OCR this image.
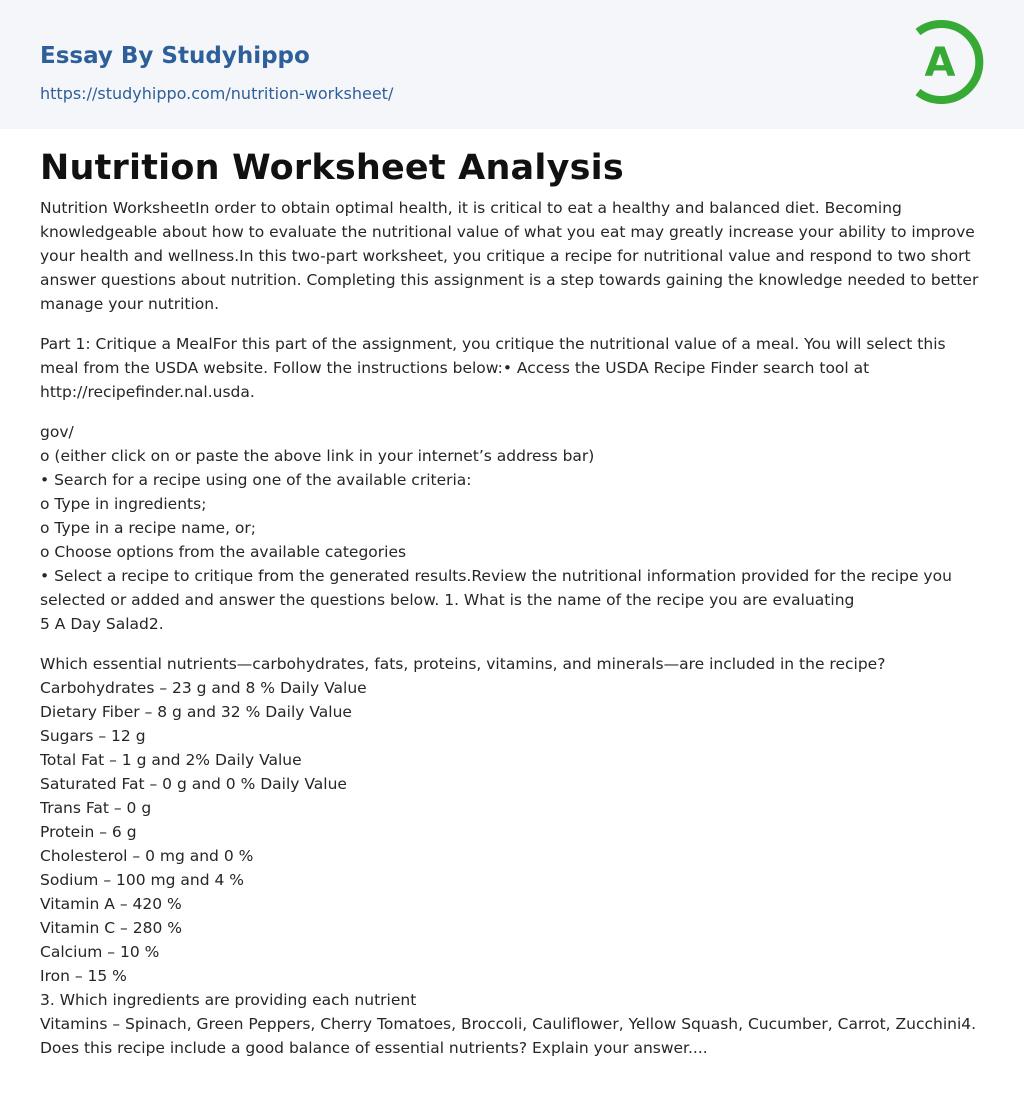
Essay By Studyhippo
https://studyhippo.com/nutrition-worksheet/
A
Nutrition Worksheet Analysis

Nutrition WorksheetIn order to obtain optimal health, it is critical to eat a healthy and balanced diet. Becoming knowledgeable about how to evaluate the nutritional value of what you eat may greatly increase your ability to improve your health and wellness.In this two-part worksheet, you critique a recipe for nutritional value and respond to two short answer questions about nutrition. Completing this assignment is a step towards gaining the knowledge needed to better manage your nutrition.

Part 1: Critique a MealFor this part of the assignment, you critique the nutritional value of a meal. You will select this meal from the USDA website. Follow the instructions below:• Access the USDA Recipe Finder search tool at http://recipefinder.nal.usda.

gov/
o (either click on or paste the above link in your internet’s address bar)
• Search for a recipe using one of the available criteria:
o Type in ingredients;
o Type in a recipe name, or;
o Choose options from the available categories
• Select a recipe to critique from the generated results.Review the nutritional information provided for the recipe you selected or added and answer the questions below. 1. What is the name of the recipe you are evaluating
5 A Day Salad2.

Which essential nutrients—carbohydrates, fats, proteins, vitamins, and minerals—are included in the recipe?
Carbohydrates – 23 g and 8 % Daily Value
Dietary Fiber – 8 g and 32 % Daily Value
Sugars – 12 g
Total Fat – 1 g and 2% Daily Value
Saturated Fat – 0 g and 0 % Daily Value
Trans Fat – 0 g
Protein – 6 g
Cholesterol – 0 mg and 0 %
Sodium – 100 mg and 4 %
Vitamin A – 420 %
Vitamin C – 280 %
Calcium – 10 %
Iron – 15 %
3. Which ingredients are providing each nutrient
Vitamins – Spinach, Green Peppers, Cherry Tomatoes, Broccoli, Cauliflower, Yellow Squash, Cucumber, Carrot, Zucchini4. Does this recipe include a good balance of essential nutrients? Explain your answer....
